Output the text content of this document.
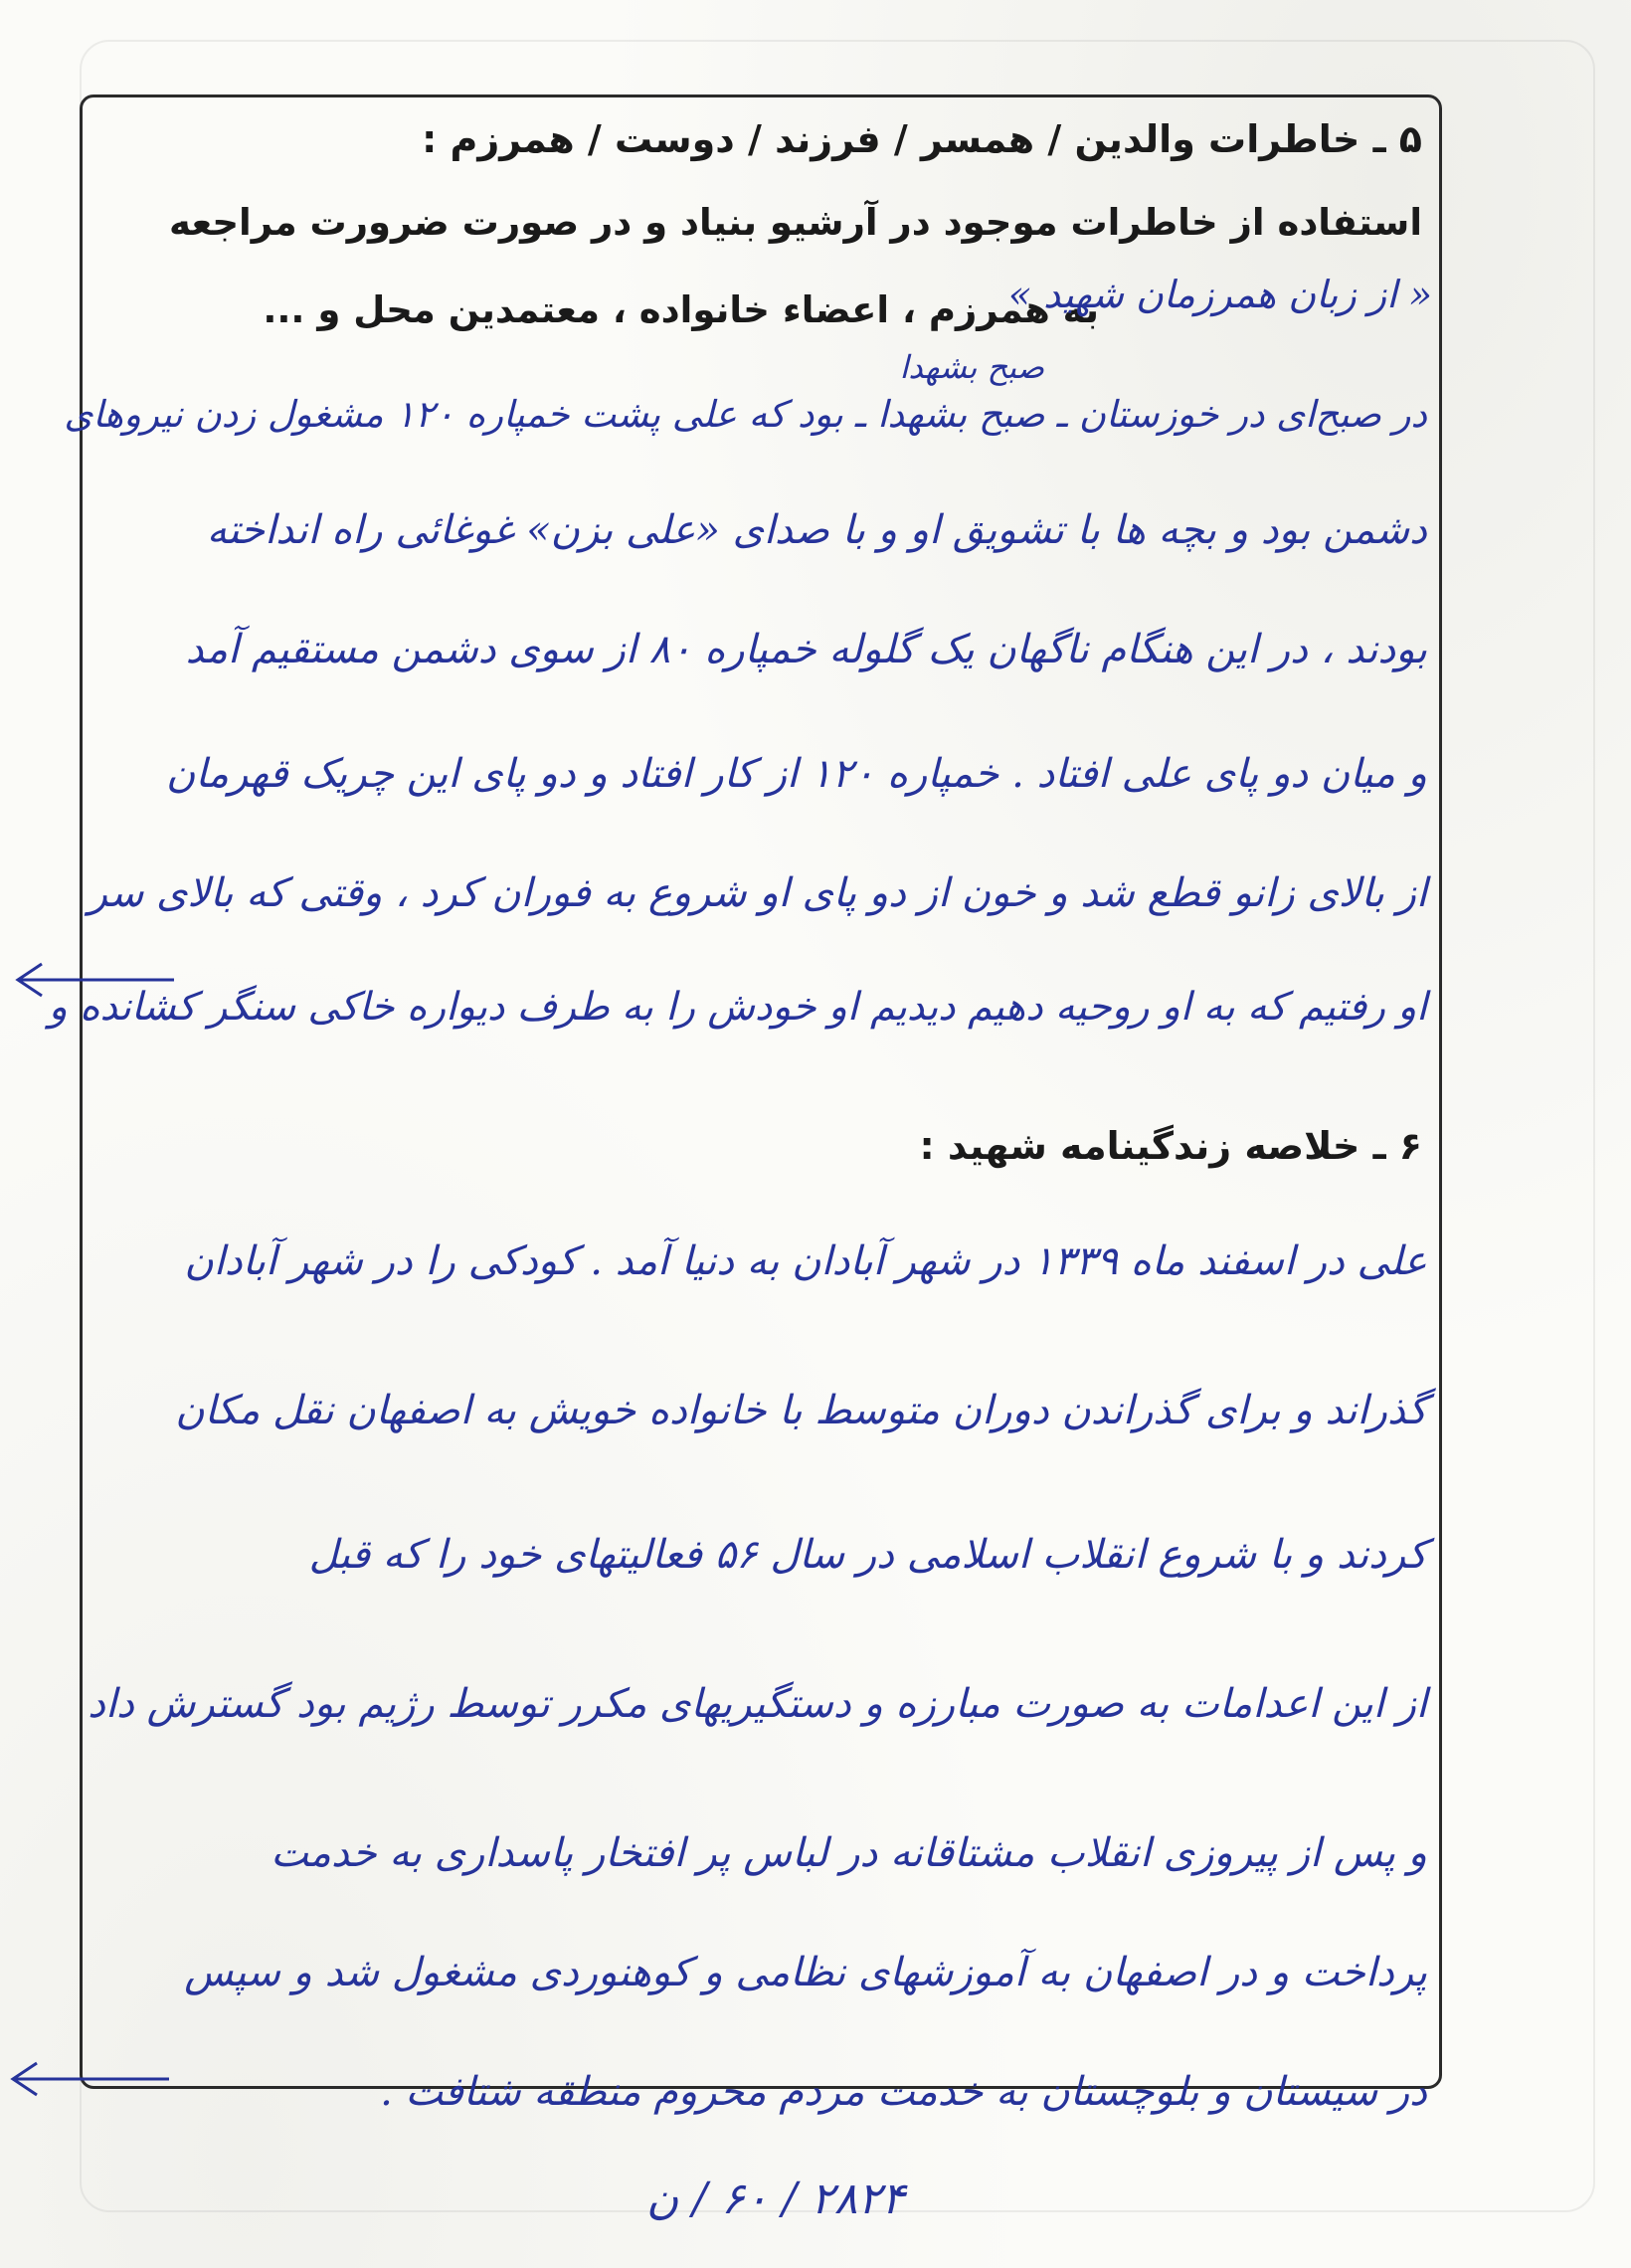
۵ ـ خاطرات والدین / همسر / فرزند / دوست / همرزم :
استفاده از خاطرات موجود در آرشیو بنیاد و در صورت ضرورت مراجعه
به همرزم ، اعضاء خانواده ، معتمدین محل و ...
« از زبان همرزمان شهید »
صبح بشهدا
در صبح‌ای در خوزستان ـ صبح بشهدا ـ بود که علی پشت خمپاره ۱۲۰ مشغول زدن نیروهای
دشمن بود و بچه ها با تشویق او و با صدای «علی بزن» غوغائی راه انداخته
بودند ، در این هنگام ناگهان یک گلوله خمپاره ۸۰ از سوی دشمن مستقیم آمد
و میان دو پای علی افتاد . خمپاره ۱۲۰ از کار افتاد و دو پای این چریک قهرمان
از بالای زانو قطع شد و خون از دو پای او شروع به فوران کرد ، وقتی که بالای سر
او رفتیم که به او روحیه دهیم دیدیم او خودش را به طرف دیواره خاکی سنگر کشانده و
۶ ـ خلاصه زندگینامه شهید :
علی در اسفند ماه ۱۳۳۹ در شهر آبادان به دنیا آمد . کودکی را در شهر آبادان
گذراند و برای گذراندن دوران متوسط با خانواده خویش به اصفهان نقل مکان
کردند و با شروع انقلاب اسلامی در سال ۵۶ فعالیتهای خود را که قبل
از این اعدامات به صورت مبارزه و دستگیریهای مکرر توسط رژیم بود گسترش داد
و پس از پیروزی انقلاب مشتاقانه در لباس پر افتخار پاسداری به خدمت
پرداخت و در اصفهان به آموزشهای نظامی و کوهنوردی مشغول شد و سپس
در سیستان و بلوچستان به خدمت مردم محروم منطقه شتافت .
۲۸۲۴ / ۶۰ / ن
